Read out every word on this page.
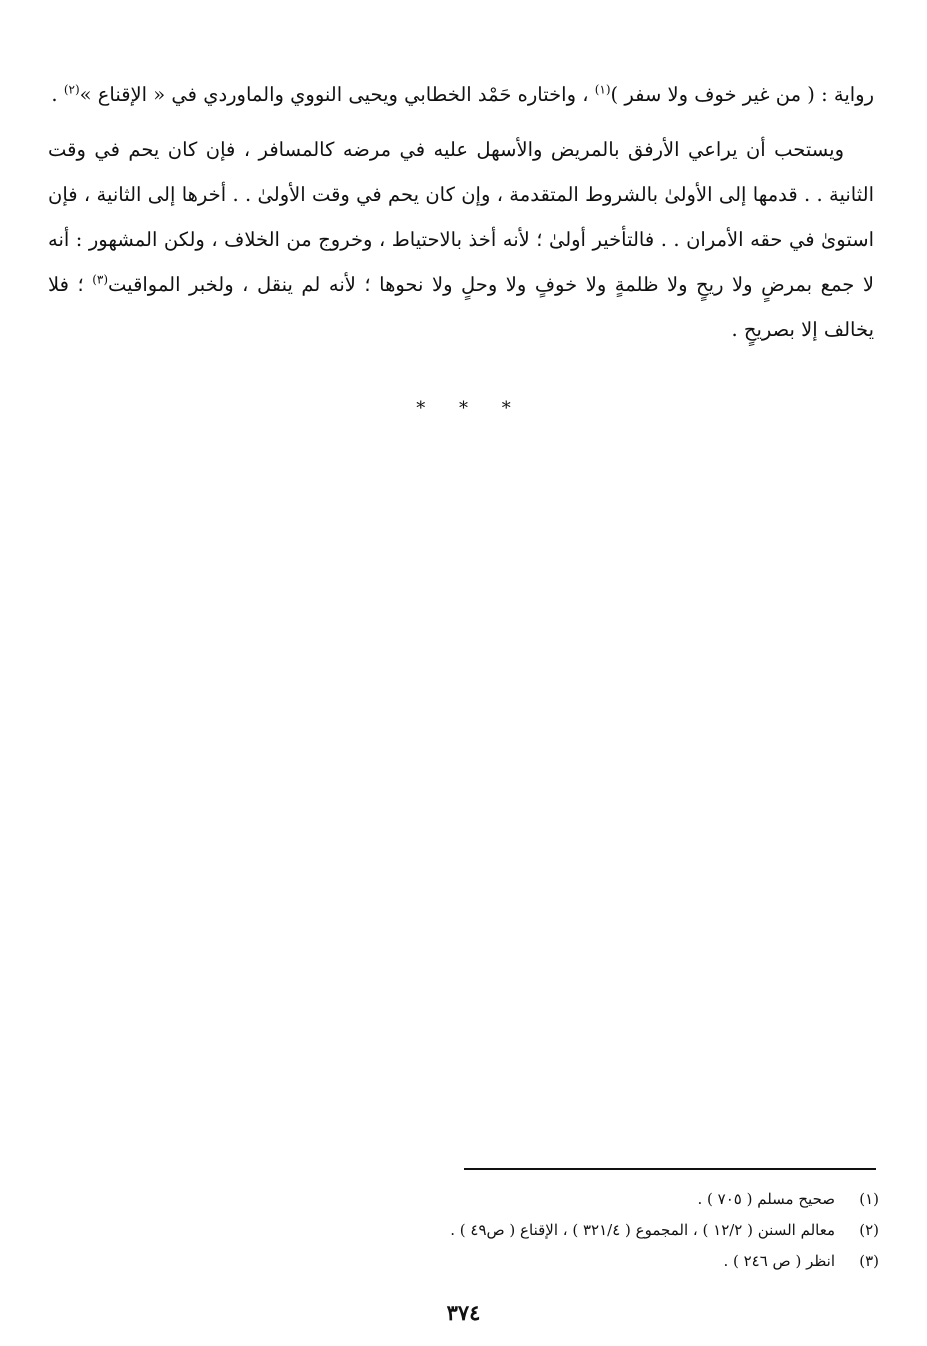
رواية : ( من غير خوف ولا سفر )$^{(١)}$ ، واختاره حَمْد الخطابي ويحيى النووي والماوردي في « الإقناع »$^{(٢)}$ .

ويستحب أن يراعي الأرفق بالمريض والأسهل عليه في مرضه كالمسافر ، فإن كان يحم في وقت الثانية . . قدمها إلى الأولىٰ بالشروط المتقدمة ، وإن كان يحم في وقت الأولىٰ . . أخرها إلى الثانية ، فإن استوىٰ في حقه الأمران . . فالتأخير أولىٰ ؛ لأنه أخذ بالاحتياط ، وخروج من الخلاف ، ولكن المشهور : أنه لا جمع بمرضٍ ولا ريحٍ ولا ظلمةٍ ولا خوفٍ ولا وحلٍ ولا نحوها ؛ لأنه لم ينقل ، ولخبر المواقيت$^{(٣)}$ ؛ فلا يخالف إلا بصريحٍ .

* * *
(١)
صحيح مسلم ( ٧٠٥ ) .
(٢)
معالم السنن ( ١٢/٢ ) ، المجموع ( ٣٢١/٤ ) ، الإقناع ( ص٤٩ ) .
(٣)
انظر ( ص ٢٤٦ ) .
٣٧٤
